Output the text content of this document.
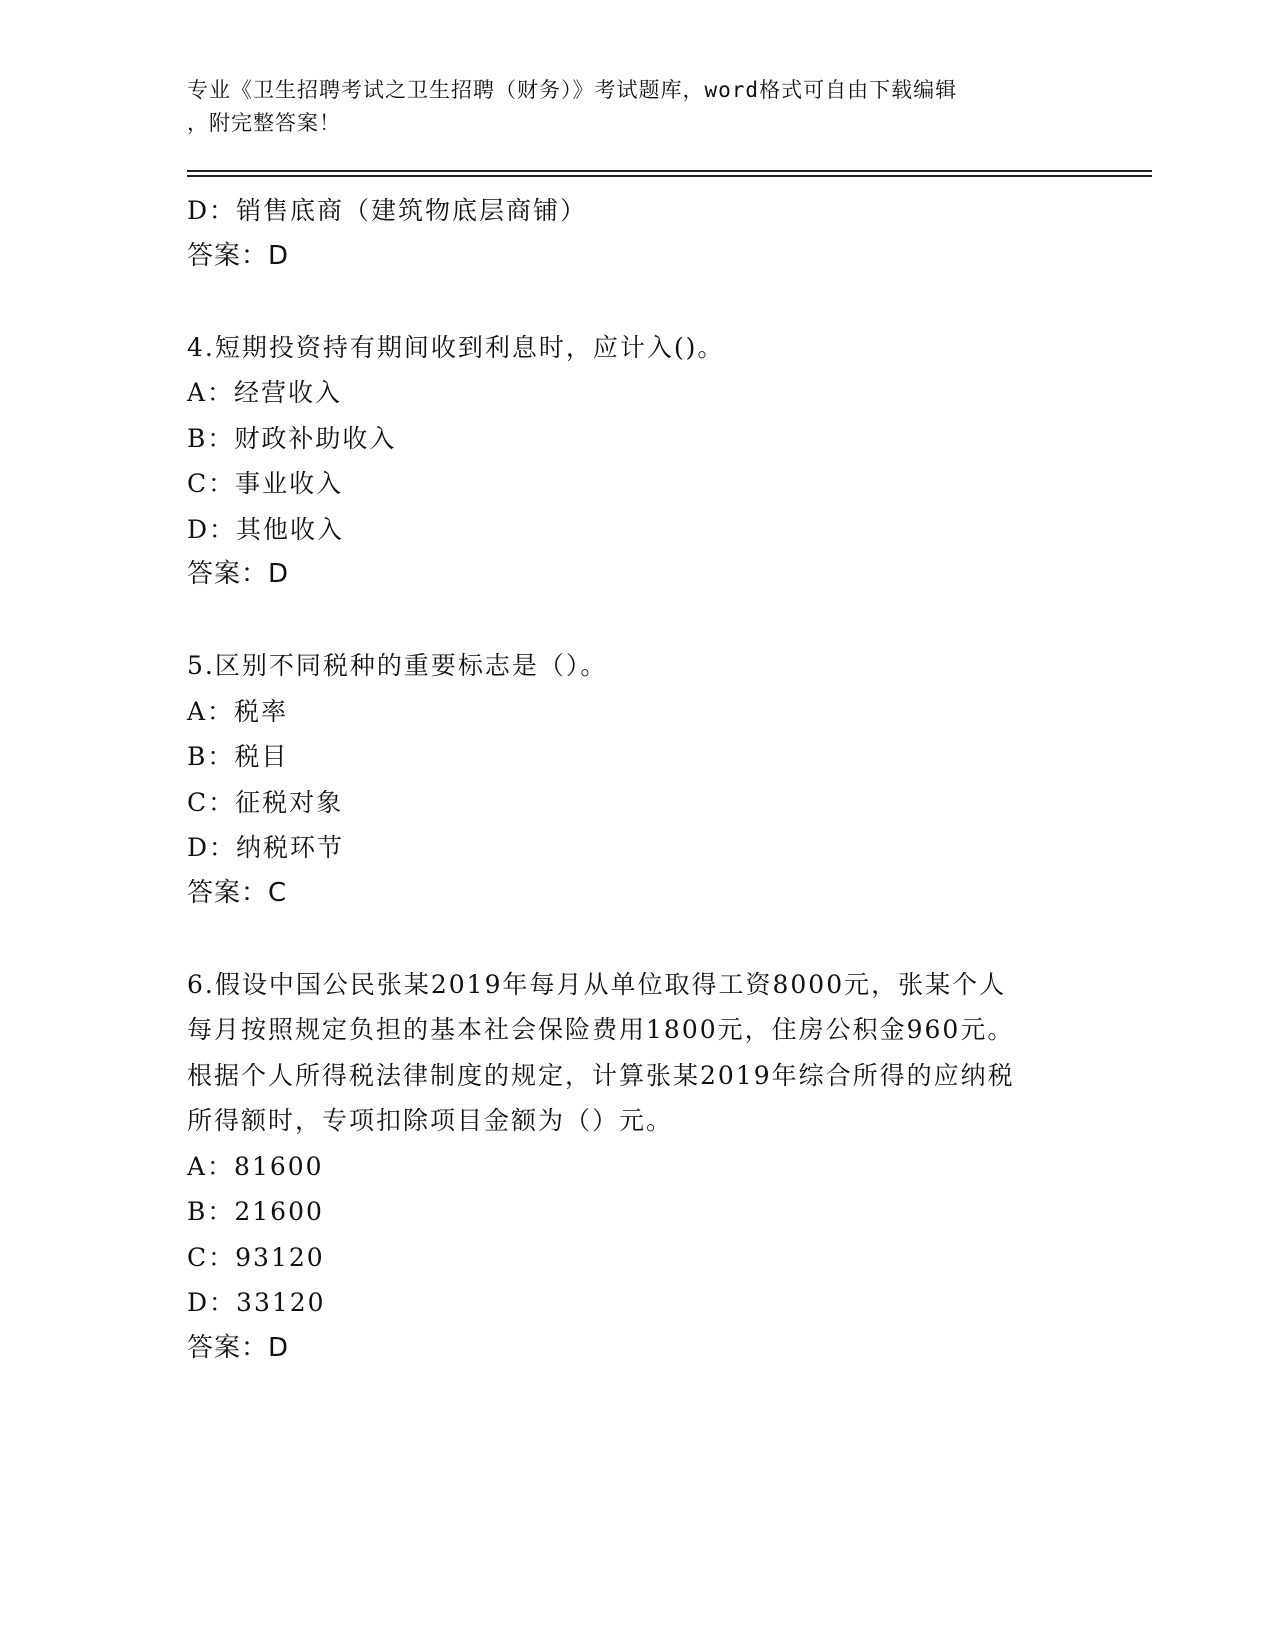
专业《卫生招聘考试之卫生招聘（财务）》考试题库，word格式可自由下载编辑
，附完整答案！
D：销售底商（建筑物底层商铺）
答案：D
4.短期投资持有期间收到利息时，应计入()。
A：经营收入
B：财政补助收入
C：事业收入
D：其他收入
答案：D
5.区别不同税种的重要标志是（）。
A：税率
B：税目
C：征税对象
D：纳税环节
答案：C
6.假设中国公民张某2019年每月从单位取得工资8000元，张某个人
每月按照规定负担的基本社会保险费用1800元，住房公积金960元。
根据个人所得税法律制度的规定，计算张某2019年综合所得的应纳税
所得额时，专项扣除项目金额为（）元。
A：81600
B：21600
C：93120
D：33120
答案：D
